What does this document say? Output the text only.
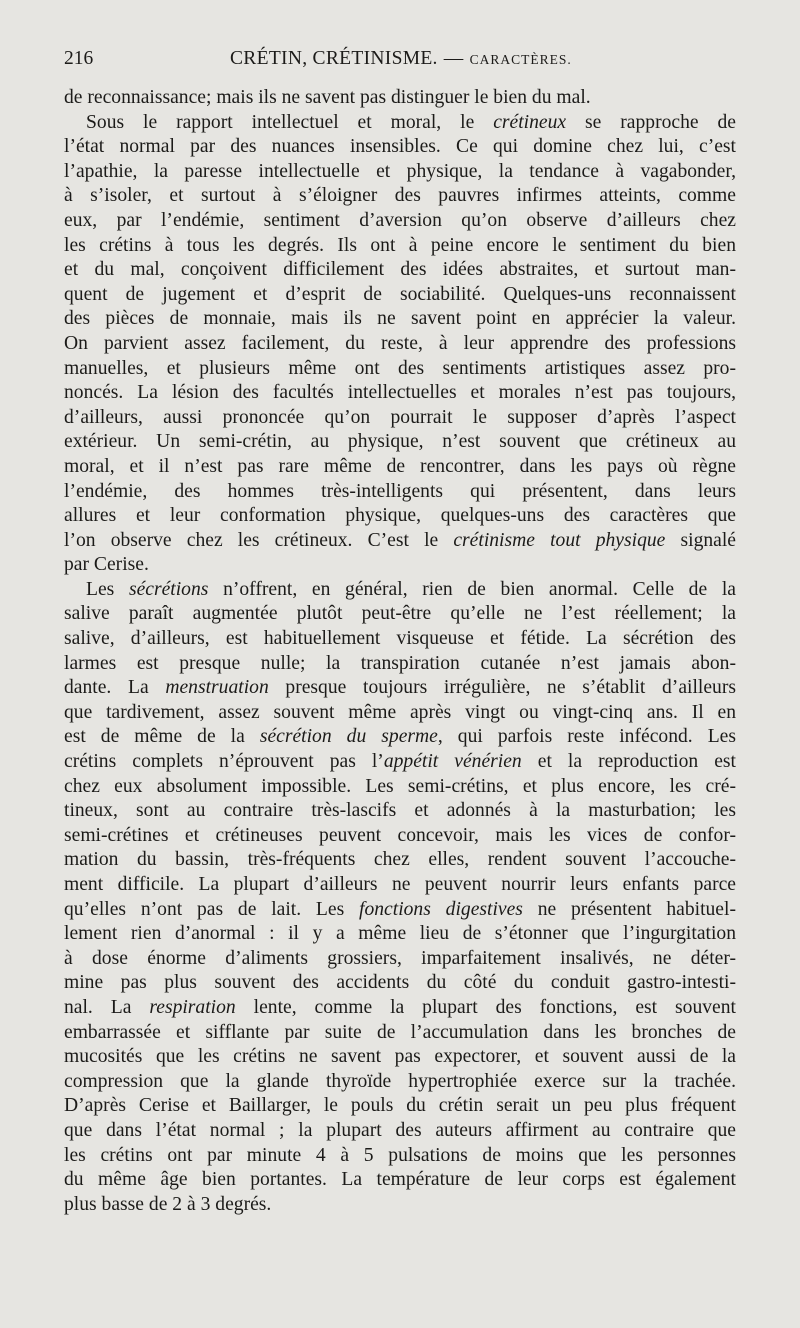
216	CRÉTIN, CRÉTINISME. — CARACTÈRES.
de reconnaissance; mais ils ne savent pas distinguer le bien du mal.
Sous le rapport intellectuel et moral, le crétineux se rapproche de
l’état normal par des nuances insensibles. Ce qui domine chez lui, c’est
l’apathie, la paresse intellectuelle et physique, la tendance à vagabonder,
à s’isoler, et surtout à s’éloigner des pauvres infirmes atteints, comme
eux, par l’endémie, sentiment d’aversion qu’on observe d’ailleurs chez
les crétins à tous les degrés. Ils ont à peine encore le sentiment du bien
et du mal, conçoivent difficilement des idées abstraites, et surtout man-
quent de jugement et d’esprit de sociabilité. Quelques-uns reconnaissent
des pièces de monnaie, mais ils ne savent point en apprécier la valeur.
On parvient assez facilement, du reste, à leur apprendre des professions
manuelles, et plusieurs même ont des sentiments artistiques assez pro-
noncés. La lésion des facultés intellectuelles et morales n’est pas toujours,
d’ailleurs, aussi prononcée qu’on pourrait le supposer d’après l’aspect
extérieur. Un semi-crétin, au physique, n’est souvent que crétineux au
moral, et il n’est pas rare même de rencontrer, dans les pays où règne
l’endémie, des hommes très-intelligents qui présentent, dans leurs
allures et leur conformation physique, quelques-uns des caractères que
l’on observe chez les crétineux. C’est le crétinisme tout physique signalé
par Cerise.
Les sécrétions n’offrent, en général, rien de bien anormal. Celle de la
salive paraît augmentée plutôt peut-être qu’elle ne l’est réellement; la
salive, d’ailleurs, est habituellement visqueuse et fétide. La sécrétion des
larmes est presque nulle; la transpiration cutanée n’est jamais abon-
dante. La menstruation presque toujours irrégulière, ne s’établit d’ailleurs
que tardivement, assez souvent même après vingt ou vingt-cinq ans. Il en
est de même de la sécrétion du sperme, qui parfois reste infécond. Les
crétins complets n’éprouvent pas l’appétit vénérien et la reproduction est
chez eux absolument impossible. Les semi-crétins, et plus encore, les cré-
tineux, sont au contraire très-lascifs et adonnés à la masturbation; les
semi-crétines et crétineuses peuvent concevoir, mais les vices de confor-
mation du bassin, très-fréquents chez elles, rendent souvent l’accouche-
ment difficile. La plupart d’ailleurs ne peuvent nourrir leurs enfants parce
qu’elles n’ont pas de lait. Les fonctions digestives ne présentent habituel-
lement rien d’anormal : il y a même lieu de s’étonner que l’ingurgitation
à dose énorme d’aliments grossiers, imparfaitement insalivés, ne déter-
mine pas plus souvent des accidents du côté du conduit gastro-intesti-
nal. La respiration lente, comme la plupart des fonctions, est souvent
embarrassée et sifflante par suite de l’accumulation dans les bronches de
mucosités que les crétins ne savent pas expectorer, et souvent aussi de la
compression que la glande thyroïde hypertrophiée exerce sur la trachée.
D’après Cerise et Baillarger, le pouls du crétin serait un peu plus fréquent
que dans l’état normal ; la plupart des auteurs affirment au contraire que
les crétins ont par minute 4 à 5 pulsations de moins que les personnes
du même âge bien portantes. La température de leur corps est également
plus basse de 2 à 3 degrés.
